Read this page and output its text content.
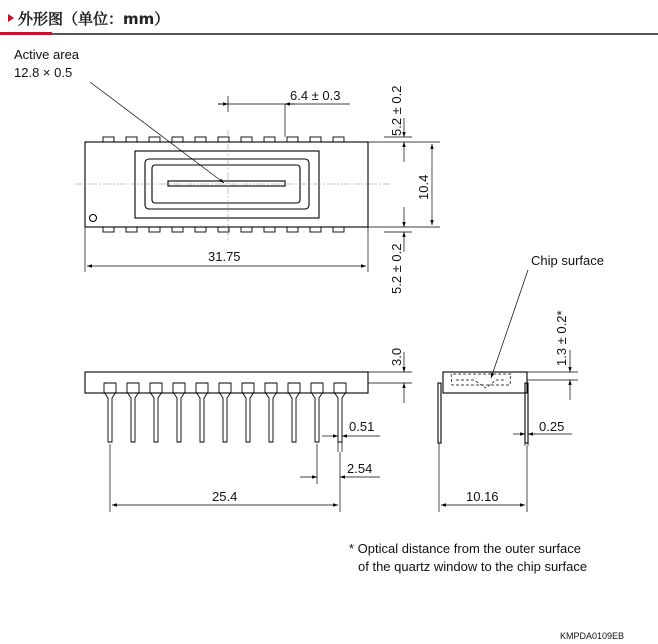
外形图（单位：mm）
Active area
12.8 × 0.5
6.4 ± 0.3
31.75
5.2 ± 0.2
10.4
5.2 ± 0.2
3.0
0.51
2.54
25.4
Chip surface
1.3 ± 0.2*
0.25
10.16
* Optical distance from the outer surface
of the quartz window to the chip surface
KMPDA0109EB
